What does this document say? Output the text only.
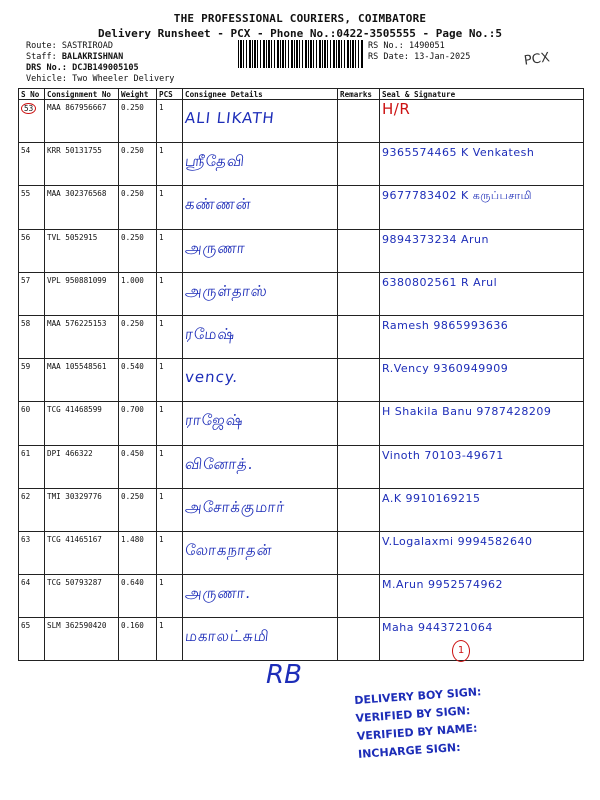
THE PROFESSIONAL COURIERS, COIMBATORE
Delivery Runsheet - PCX - Phone No.:0422-3505555 - Page No.:5
Route: SASTRIROAD
Staff: BALAKRISHNAN
DRS No.: DCJB149005105
Vehicle: Two Wheeler Delivery
RS No.: 1490051
RS Date: 13-Jan-2025	PCX
S No	Consignment No	Weight	PCS	Consignee Details	Remarks	Seal & Signature
53	MAA 867956667	0.250	1	ALI LIKATH		H/R

54	KRR 50131755	0.250	1	ஸ்ரீதேவி		9365574465 K Venkatesh

55	MAA 302376568	0.250	1	கண்ணன்		9677783402 K கருப்பசாமி

56	TVL 5052915	0.250	1	அருணா		9894373234 Arun

57	VPL 950881099	1.000	1	அருள்தாஸ்		6380802561 R Arul

58	MAA 576225153	0.250	1	ரமேஷ்		Ramesh 9865993636

59	MAA 105548561	0.540	1	vency.		R.Vency 9360949909

60	TCG 41468599	0.700	1	ராஜேஷ்		H Shakila Banu 9787428209

61	DPI 466322	0.450	1	வினோத்.		Vinoth 70103-49671

62	TMI 30329776	0.250	1	அசோக்குமார்		A.K 9910169215

63	TCG 41465167	1.480	1	லோகநாதன்		V.Logalaxmi 9994582640

64	TCG 50793287	0.640	1	அருணா.		M.Arun 9952574962

65	SLM 362590420	0.160	1	மகாலட்சுமி		Maha 9443721064
1
RB
DELIVERY BOY SIGN:
VERIFIED BY SIGN:
VERIFIED BY NAME:
INCHARGE SIGN:
